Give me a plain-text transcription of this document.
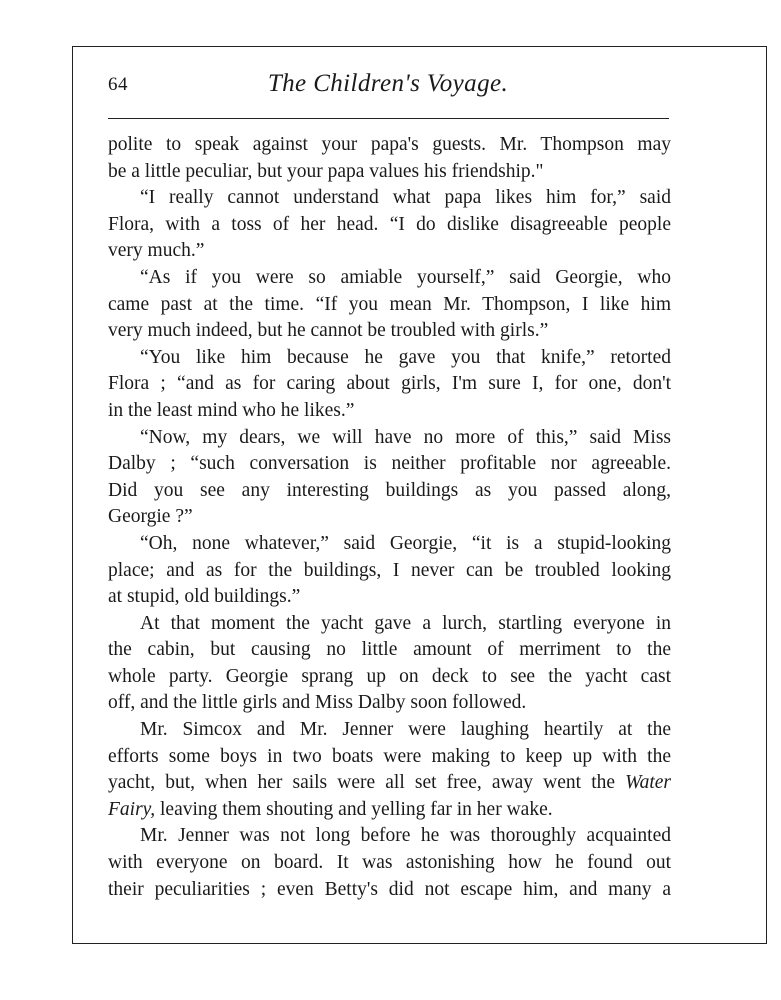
64	The Children's Voyage.

polite to speak against your papa's guests. Mr. Thompson may
be a little peculiar, but your papa values his friendship."

“I really cannot understand what papa likes him for,” said
Flora, with a toss of her head. “I do dislike disagreeable people
very much.”

“As if you were so amiable yourself,” said Georgie, who
came past at the time. “If you mean Mr. Thompson, I like him
very much indeed, but he cannot be troubled with girls.”

“You like him because he gave you that knife,” retorted
Flora ; “and as for caring about girls, I'm sure I, for one, don't
in the least mind who he likes.”

“Now, my dears, we will have no more of this,” said Miss
Dalby ; “such conversation is neither profitable nor agreeable.
Did you see any interesting buildings as you passed along,
Georgie ?”

“Oh, none whatever,” said Georgie, “it is a stupid-looking
place; and as for the buildings, I never can be troubled looking
at stupid, old buildings.”

At that moment the yacht gave a lurch, startling everyone in
the cabin, but causing no little amount of merriment to the
whole party. Georgie sprang up on deck to see the yacht cast
off, and the little girls and Miss Dalby soon followed.

Mr. Simcox and Mr. Jenner were laughing heartily at the
efforts some boys in two boats were making to keep up with the
yacht, but, when her sails were all set free, away went the Water
Fairy, leaving them shouting and yelling far in her wake.

Mr. Jenner was not long before he was thoroughly acquainted
with everyone on board. It was astonishing how he found out
their peculiarities ; even Betty's did not escape him, and many a
